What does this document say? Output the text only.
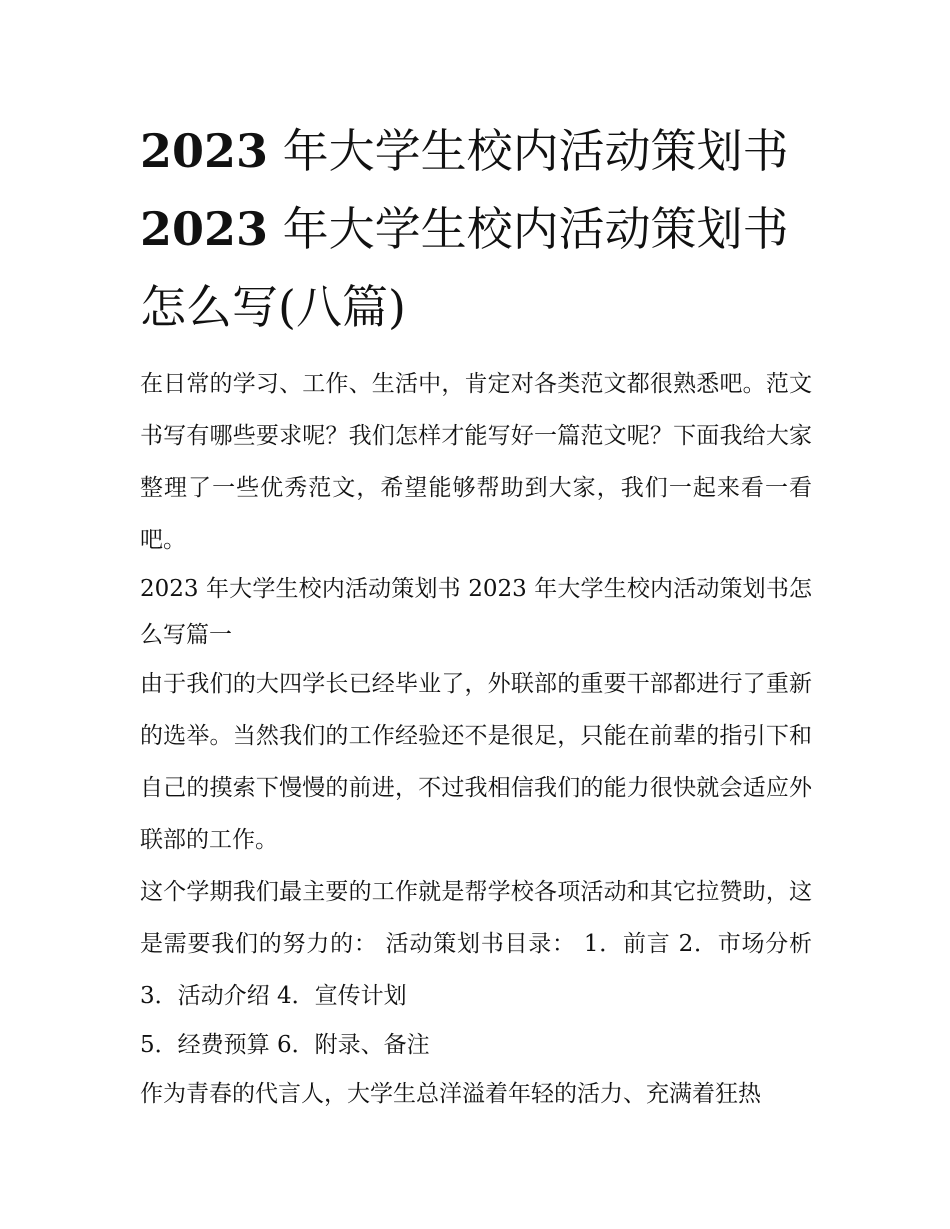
2023 年大学生校内活动策划书
2023 年大学生校内活动策划书
怎么写(八篇)

在日常的学习、工作、生活中，肯定对各类范文都很熟悉吧。范文书写有哪些要求呢？我们怎样才能写好一篇范文呢？下面我给大家整理了一些优秀范文，希望能够帮助到大家，我们一起来看一看吧。

2023 年大学生校内活动策划书 2023 年大学生校内活动策划书怎么写篇一

由于我们的大四学长已经毕业了，外联部的重要干部都进行了重新的选举。当然我们的工作经验还不是很足，只能在前辈的指引下和自己的摸索下慢慢的前进，不过我相信我们的能力很快就会适应外联部的工作。

这个学期我们最主要的工作就是帮学校各项活动和其它拉赞助，这是需要我们的努力的： 活动策划书目录： 1．前言 2．市场分析 3．活动介绍 4．宣传计划

5．经费预算 6．附录、备注

作为青春的代言人，大学生总洋溢着年轻的活力、充满着狂热
